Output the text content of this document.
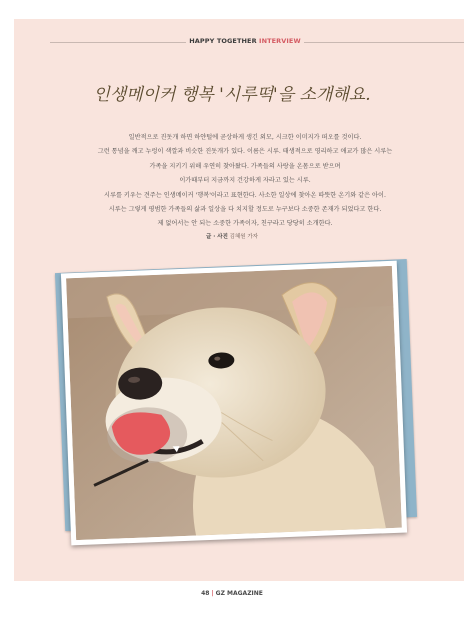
HAPPY TOGETHER INTERVIEW
인생메이커 행복 '시루떡'을 소개해요.

일반적으로 진돗개 하면 하얀털에 곧상하게 생긴 외모, 시크한 이미지가 떠오를 것이다.

그런 통념을 깨고 누렁이 색깔과 비슷한 진돗개가 있다. 이름은 시루. 태생적으로 영리하고 애교가 많은 시루는

가족을 지키기 위해 우연히 찾아왔다. 가족들의 사랑을 온몸으로 받으며

이가때부터 지금까지 건강하게 자라고 있는 시루.

시루를 키우는 견주는 인생메이커 '행복'이라고 표현한다. 사소한 일상에 찾아온 따뜻한 온기와 같은 아이.

시루는 그렇게 평범한 가족들의 삶과 일상을 다 치지할 정도로 누구보다 소중한 존재가 되었다고 한다.

제 없어서는 안 되는 소중한 가족이자, 친구라고 당당히 소개한다.

글 · 사진 김혜원 가자
48 | GZ MAGAZINE
